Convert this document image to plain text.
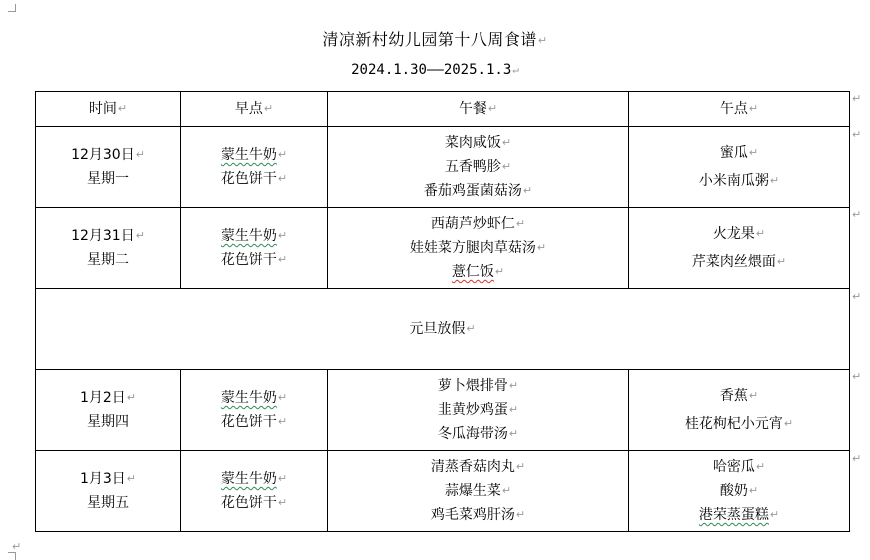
清凉新村幼儿园第十八周食谱↵
2024.1.30——2025.1.3↵
↵
↵
↵
↵
↵
↵
↵
时间↵	早点↵	午餐↵	午点↵

12月30日↵
星期一	蒙生牛奶↵
花色饼干↵	菜肉咸饭↵
五香鸭胗↵
番茄鸡蛋菌菇汤↵	蜜瓜↵
小米南瓜粥↵

12月31日↵
星期二	蒙生牛奶↵
花色饼干↵	西葫芦炒虾仁↵
娃娃菜方腿肉草菇汤↵
薏仁饭↵	火龙果↵
芹菜肉丝煨面↵

元旦放假↵			

1月2日↵
星期四	蒙生牛奶↵
花色饼干↵	萝卜煨排骨↵
韭黄炒鸡蛋↵
冬瓜海带汤↵	香蕉↵
桂花枸杞小元宵↵

1月3日↵
星期五	蒙生牛奶↵
花色饼干↵	清蒸香菇肉丸↵
蒜爆生菜↵
鸡毛菜鸡肝汤↵	哈密瓜↵
酸奶↵
港荣蒸蛋糕↵
